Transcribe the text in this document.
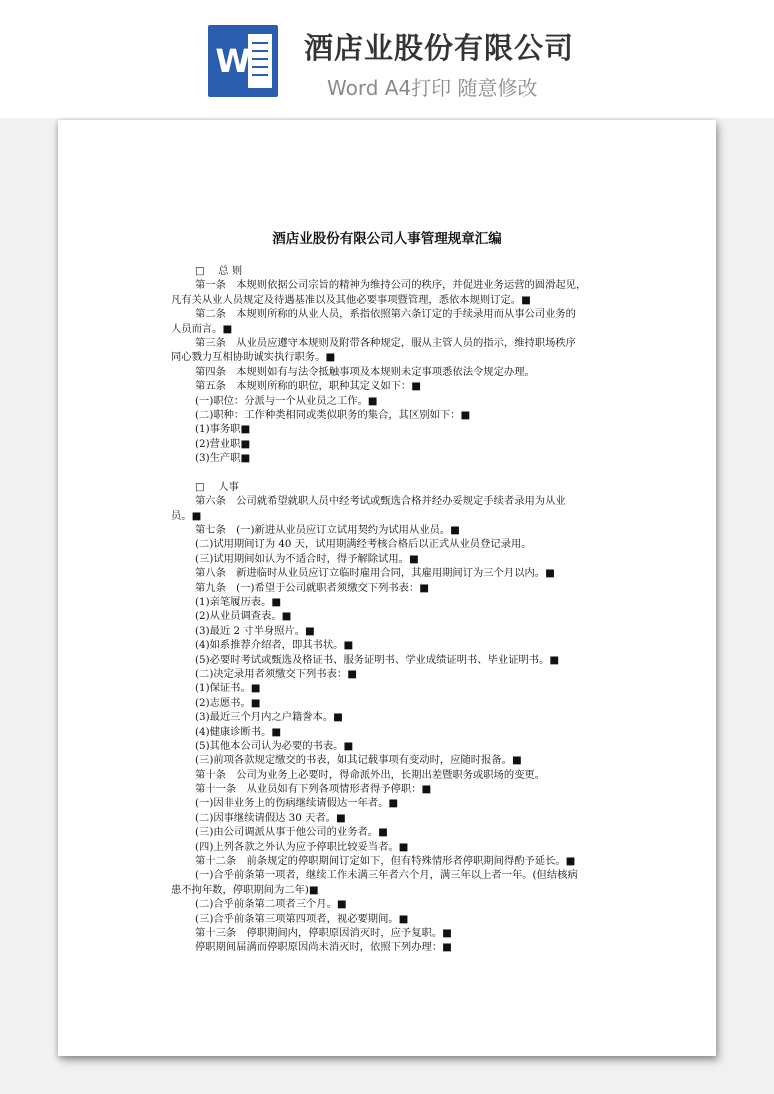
W 酒店业股份有限公司
Word A4打印 随意修改
酒店业股份有限公司人事管理规章汇编
□　 总 则
第一条　本规则依据公司宗旨的精神为维持公司的秩序，并促进业务运营的圆滑起见，
凡有关从业人员规定及待遇基准以及其他必要事项暨管理，悉依本规则订定。■
第二条　本规则所称的从业人员，系指依照第六条订定的手续录用而从事公司业务的
人员而言。■
第三条　从业员应遵守本规则及附带各种规定，服从主管人员的指示，维持职场秩序
同心戮力互相协助诚实执行职务。■
第四条　本规则如有与法令抵触事项及本规则未定事项悉依法令规定办理。
第五条　本规则所称的职位，职种其定义如下：■
(一)职位：分派与一个从业员之工作。■
(二)职种：工作种类相同或类似职务的集合，其区别如下：■
(1)事务职■
(2)营业职■
(3)生产职■
□　 人事
第六条　公司就希望就职人员中经考试或甄选合格并经办妥规定手续者录用为从业
员。■
第七条　(一)新进从业员应订立试用契约为试用从业员。■
(二)试用期间订为 40 天，试用期满经考核合格后以正式从业员登记录用。
(三)试用期间如认为不适合时，得予解除试用。■
第八条　新进临时从业员应订立临时雇用合同，其雇用期间订为三个月以内。■
第九条　(一)希望于公司就职者须缴交下列书表：■
(1)亲笔履历表。■
(2)从业员调查表。■
(3)最近 2 寸半身照片。■
(4)如系推荐介绍者，即其书状。■
(5)必要时考试或甄选及格证书、服务证明书、学业成绩证明书、毕业证明书。■
(二)决定录用者须缴交下列书表：■
(1)保证书。■
(2)志愿书。■
(3)最近三个月内之户籍誊本。■
(4)健康诊断书。■
(5)其他本公司认为必要的书表。■
(三)前项各款规定缴交的书表，如其记载事项有变动时，应随时报备。■
第十条　公司为业务上必要时，得命派外出，长期出差暨职务或职场的变更。
第十一条　从业员如有下列各项情形者得予停职：■
(一)因非业务上的伤病继续请假达一年者。■
(二)因事继续请假达 30 天者。■
(三)由公司调派从事于他公司的业务者。■
(四)上列各款之外认为应予停职比较妥当者。■
第十二条　前条规定的停职期间订定如下，但有特殊情形者停职期间得酌予延长。■
(一)合乎前条第一项者，继续工作未满三年者六个月，满三年以上者一年。(但结核病
患不拘年数，停职期间为二年)■
(二)合乎前条第二项者三个月。■
(三)合乎前条第三项第四项者，视必要期间。■
第十三条　停职期间内，停职原因消灭时，应予复职。■
停职期间届满而停职原因尚未消灭时，依照下列办理：■
